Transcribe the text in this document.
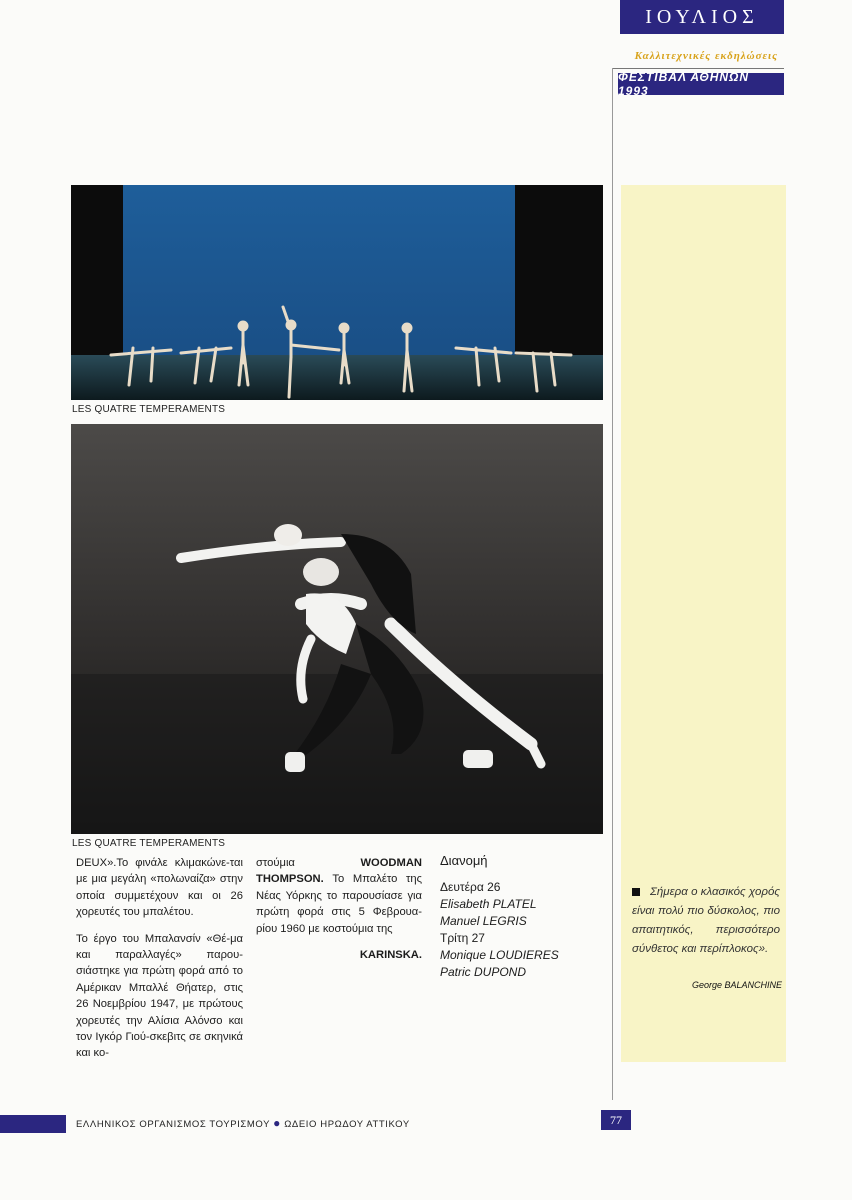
ΙΟΥΛΙΟΣ
Καλλιτεχνικές εκδηλώσεις
ΦΕΣΤΙΒΑΛ ΑΘΗΝΩΝ 1993
LES QUATRE TEMPERAMENTS
LES QUATRE TEMPERAMENTS

DEUX».Το φινάλε κλιμακώνε-ται με μια μεγάλη «πολωναίζα» στην οποία συμμετέχουν και οι 26 χορευτές του μπαλέτου.

Το έργο του Μπαλανσίν «Θέ-μα και παραλλαγές» παρου-σιάστηκε για πρώτη φορά από το Αμέρικαν Μπαλλέ Θήατερ, στις 26 Νοεμβρίου 1947, με πρώτους χορευτές την Αλίσια Αλόνσο και τον Ιγκόρ Γιού-σκεβιτς σε σκηνικά και κο-

στούμια	WOODMAN THOMPSON. Το Μπαλέτο της Νέας Υόρκης το παρουσίασε για πρώτη φορά στις 5 Φεβρουα-ρίου 1960 με κοστούμια της

KARINSKA.

Διανομή
Δευτέρα 26
Elisabeth PLATEL
Manuel LEGRIS
Τρίτη 27
Monique LOUDIERES
Patric DUPOND
Σήμερα ο κλασικός χορός είναι πολύ πιο δύσκολος, πιο απαιτητικός, περισσότερο σύνθετος και περίπλοκος».
George BALANCHINE
ΕΛΛΗΝΙΚΟΣ ΟΡΓΑΝΙΣΜΟΣ ΤΟΥΡΙΣΜΟΥ ● ΩΔΕΙΟ ΗΡΩΔΟΥ ΑΤΤΙΚΟΥ	77
